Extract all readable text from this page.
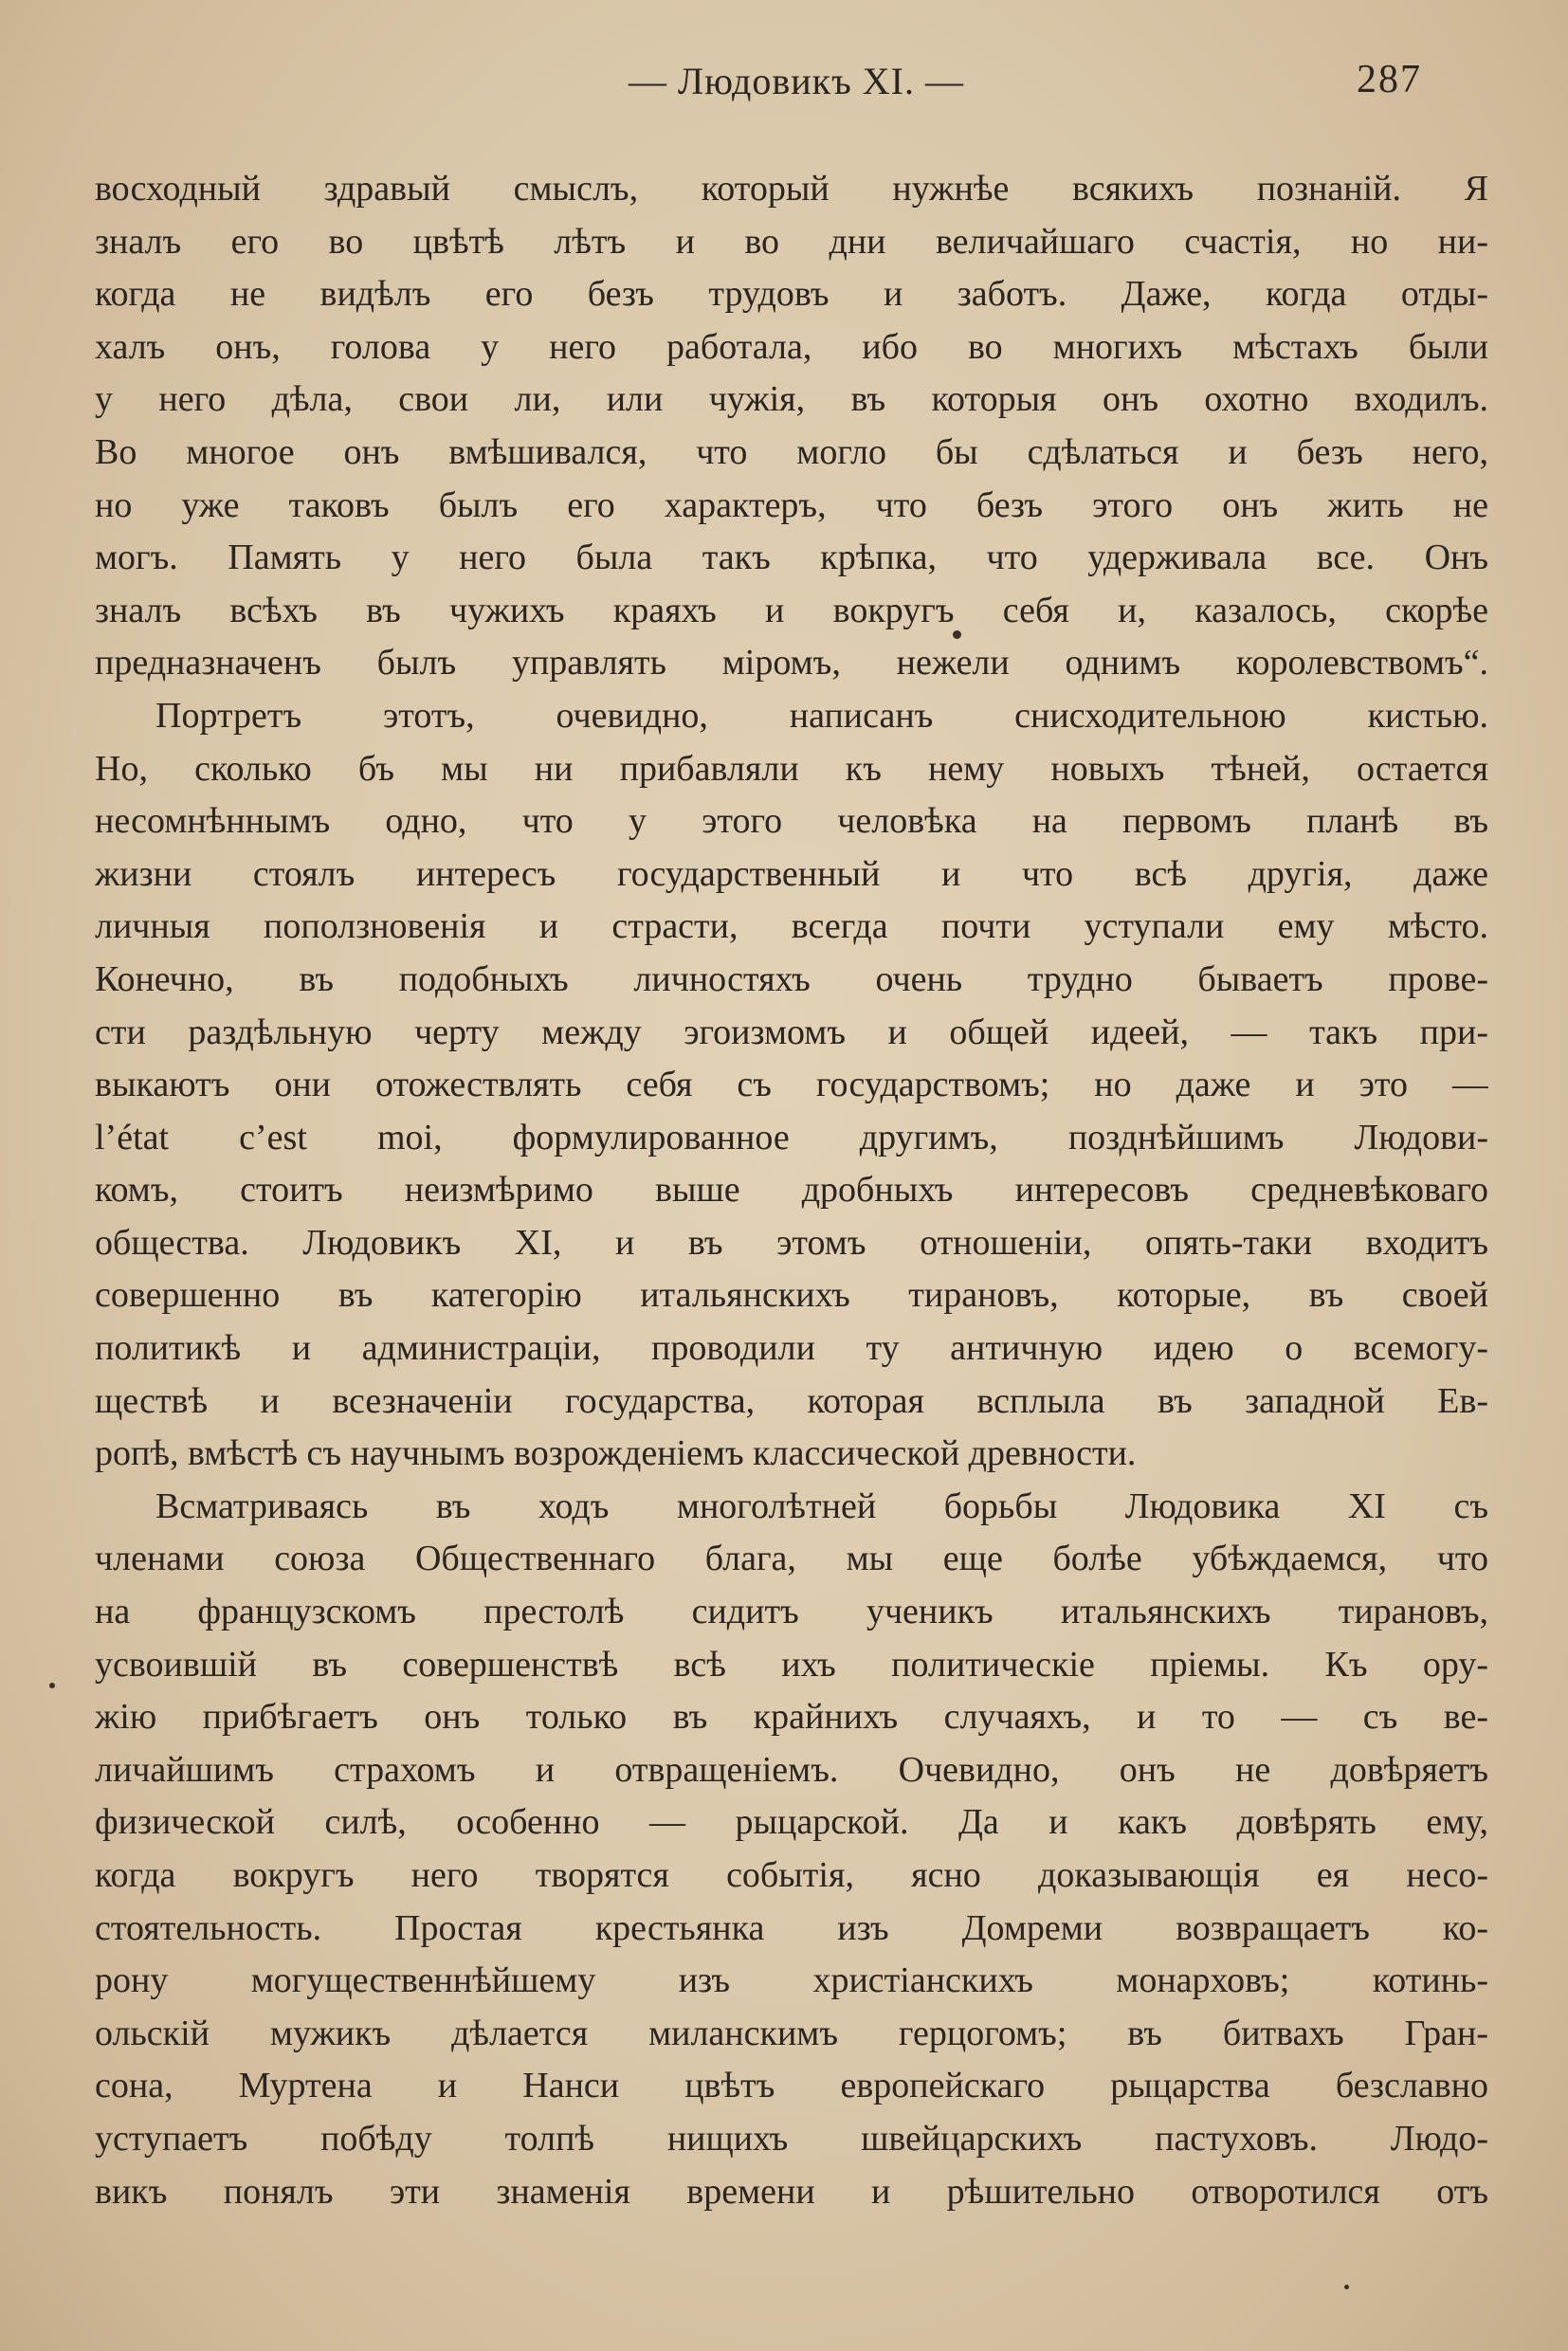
— Людовикъ XI. —	287
восходный здравый смыслъ, который нужнѣе всякихъ познаній. Я
зналъ его во цвѣтѣ лѣтъ и во дни величайшаго счастія, но ни-
когда не видѣлъ его безъ трудовъ и заботъ. Даже, когда отды-
халъ онъ, голова у него работала, ибо во многихъ мѣстахъ были
у него дѣла, свои ли, или чужія, въ которыя онъ охотно входилъ.
Во многое онъ вмѣшивался, что могло бы сдѣлаться и безъ него,
но уже таковъ былъ его характеръ, что безъ этого онъ жить не
могъ. Память у него была такъ крѣпка, что удерживала все. Онъ
зналъ всѣхъ въ чужихъ краяхъ и вокругъ себя и, казалось, скорѣе
предназначенъ былъ управлять міромъ, нежели однимъ королевствомъ“.
Портретъ этотъ, очевидно, написанъ снисходительною кистью.
Но, сколько бъ мы ни прибавляли къ нему новыхъ тѣней, остается
несомнѣннымъ одно, что у этого человѣка на первомъ планѣ въ
жизни стоялъ интересъ государственный и что всѣ другія, даже
личныя поползновенія и страсти, всегда почти уступали ему мѣсто.
Конечно, въ подобныхъ личностяхъ очень трудно бываетъ прове-
сти раздѣльную черту между эгоизмомъ и общей идеей, — такъ при-
выкаютъ они отожествлять себя съ государствомъ; но даже и это —
l’état c’est moi, формулированное другимъ, позднѣйшимъ Людови-
комъ, стоитъ неизмѣримо выше дробныхъ интересовъ средневѣковаго
общества. Людовикъ XI, и въ этомъ отношеніи, опять-таки входитъ
совершенно въ категорію итальянскихъ тирановъ, которые, въ своей
политикѣ и администраціи, проводили ту античную идею о всемогу-
ществѣ и всезначеніи государства, которая всплыла въ западной Ев-
ропѣ, вмѣстѣ съ научнымъ возрожденіемъ классической древности.
Всматриваясь въ ходъ многолѣтней борьбы Людовика XI съ
членами союза Общественнаго блага, мы еще болѣе убѣждаемся, что
на французскомъ престолѣ сидитъ ученикъ итальянскихъ тирановъ,
усвоившій въ совершенствѣ всѣ ихъ политическіе пріемы. Къ ору-
жію прибѣгаетъ онъ только въ крайнихъ случаяхъ, и то — съ ве-
личайшимъ страхомъ и отвращеніемъ. Очевидно, онъ не довѣряетъ
физической силѣ, особенно — рыцарской. Да и какъ довѣрять ему,
когда вокругъ него творятся событія, ясно доказывающія ея несо-
стоятельность. Простая крестьянка изъ Домреми возвращаетъ ко-
рону могущественнѣйшему изъ христіанскихъ монарховъ; котинь-
ольскій мужикъ дѣлается миланскимъ герцогомъ; въ битвахъ Гран-
сона, Муртена и Нанси цвѣтъ европейскаго рыцарства безславно
уступаетъ побѣду толпѣ нищихъ швейцарскихъ пастуховъ. Людо-
викъ понялъ эти знаменія времени и рѣшительно отворотился отъ
